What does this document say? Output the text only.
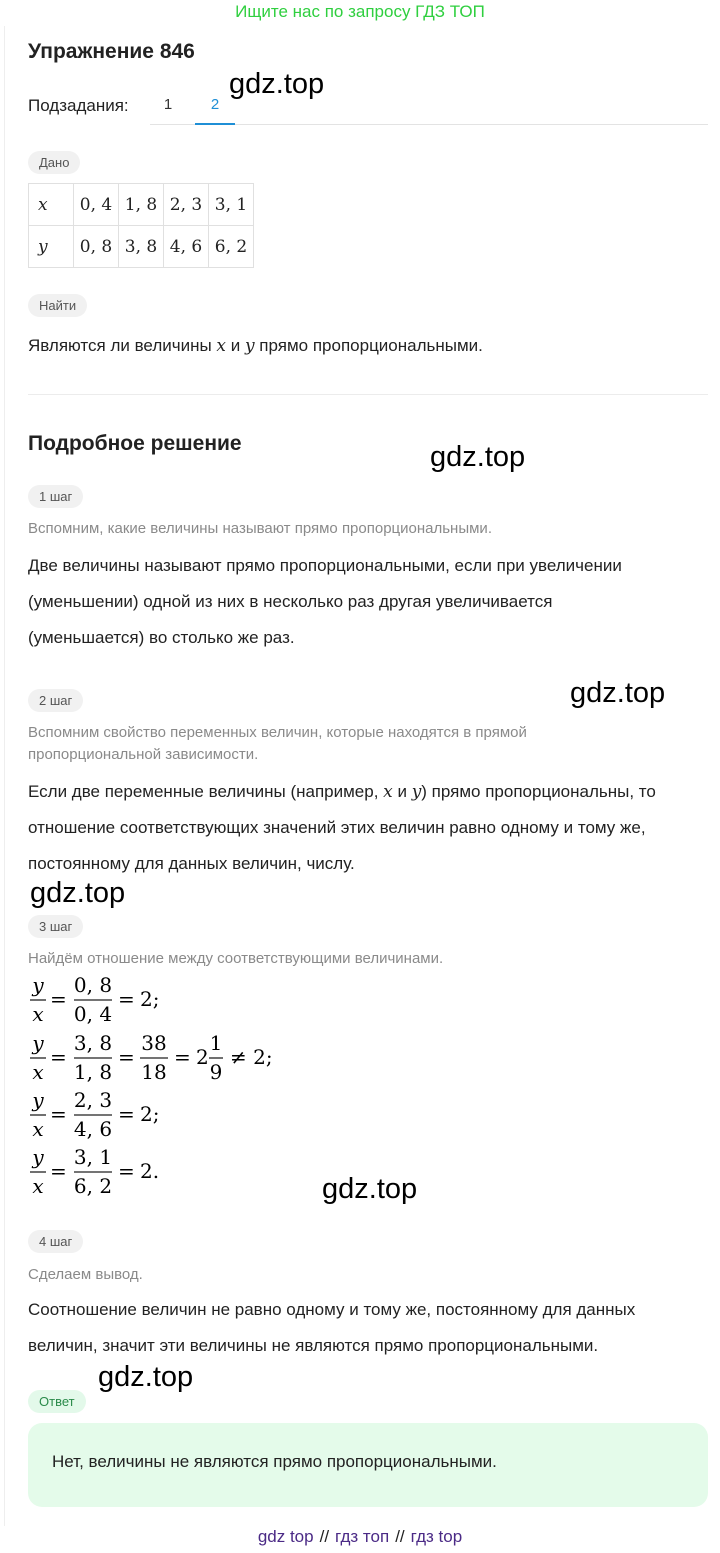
Ищите нас по запросу ГДЗ ТОП
Упражнение 846
Подзадания:	1	2
Дано
x	0, 4	1, 8	2, 3	3, 1
y	0, 8	3, 8	4, 6	6, 2
Найти
Являются ли величины x и y прямо пропорциональными.
Подробное решение
1 шаг
Вспомним, какие величины называют прямо пропорциональными.
Две величины называют прямо пропорциональными, если при увеличении
(уменьшении) одной из них в несколько раз другая увеличивается
(уменьшается) во столько же раз.
2 шаг
Вспомним свойство переменных величин, которые находятся в прямой
пропорциональной зависимости.
Если две переменные величины (например, x и y) прямо пропорциональны, то
отношение соответствующих значений этих величин равно одному и тому же,
постоянному для данных величин, числу.
3 шаг
Найдём отношение между соответствующими величинами.
y
x
=
0, 8
0, 4
= 2;
y
x
=
3, 8
1, 8
=
38
18
= 2
1
9
≠ 2;
y
x
=
2, 3
4, 6
= 2;
y
x
=
3, 1
6, 2
= 2.
4 шаг
Сделаем вывод.
Соотношение величин не равно одному и тому же, постоянному для данных
величин, значит эти величины не являются прямо пропорциональными.
Ответ
Нет, величины не являются прямо пропорциональными.
gdz.top
gdz.top
gdz.top
gdz.top
gdz.top
gdz.top
gdz top // гдз топ // гдз top
